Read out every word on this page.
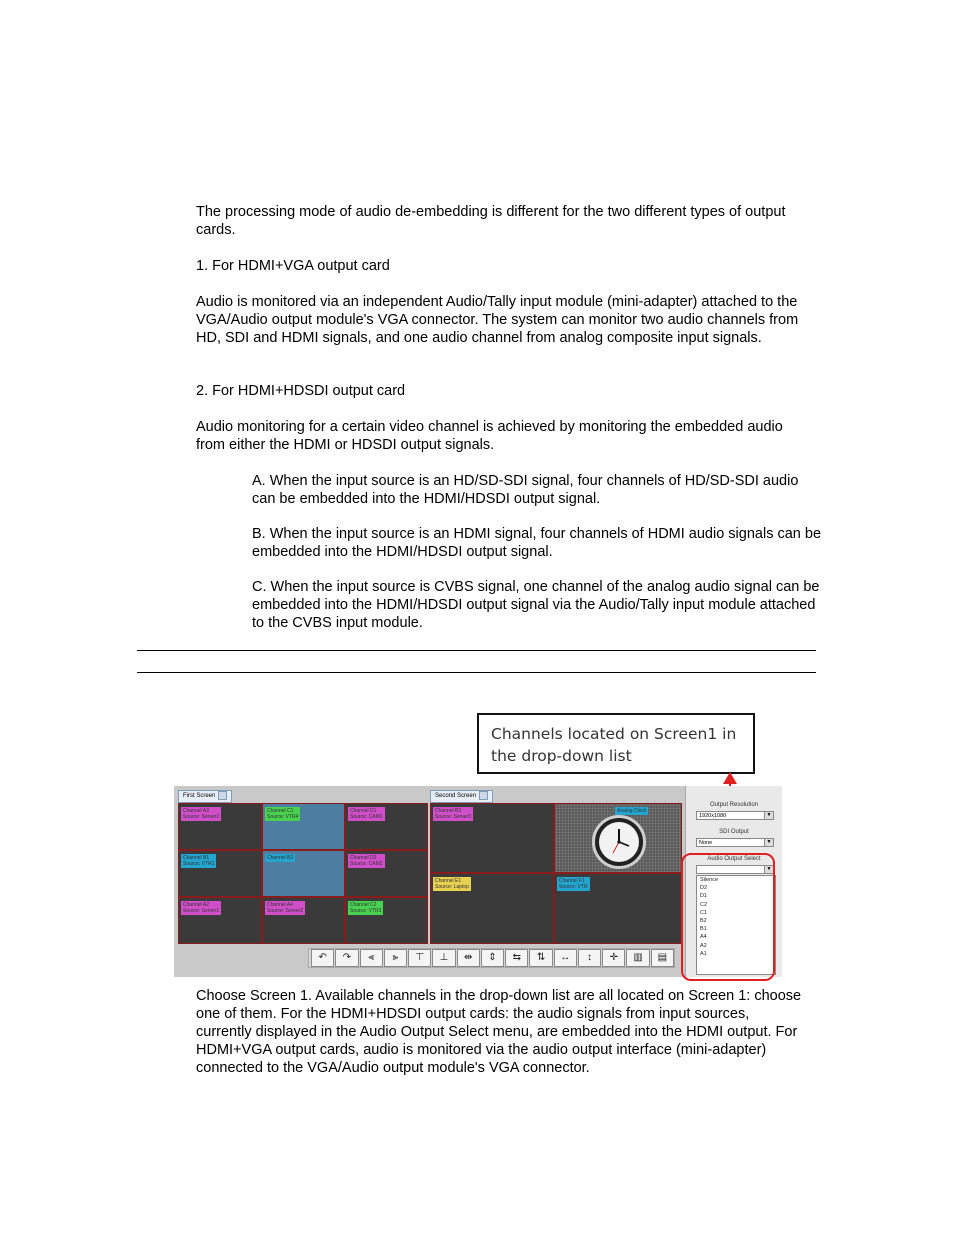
The processing mode of audio de-embedding is different for the two different types of output cards.

1. For HDMI+VGA output card

Audio is monitored via an independent Audio/Tally input module (mini-adapter) attached to the VGA/Audio output module's VGA connector. The system can monitor two audio channels from HD, SDI and HDMI signals, and one audio channel from analog composite input signals.

2. For HDMI+HDSDI output card

Audio monitoring for a certain video channel is achieved by monitoring the embedded audio from either the HDMI or HDSDI output signals.

A. When the input source is an HD/SD-SDI signal, four channels of HD/SD-SDI audio can be embedded into the HDMI/HDSDI output signal.

B. When the input source is an HDMI signal, four channels of HDMI audio signals can be embedded into the HDMI/HDSDI output signal.

C. When the input source is CVBS signal, one channel of the analog audio signal can be embedded into the HDMI/HDSDI output signal via the Audio/Tally input module attached to the CVBS input module.

Channels located on Screen1 in the drop-down list
First Screen	Second Screen
Channel A3
Source: Server2
Channel C1
Source: VTR4
Channel D1
Source: CAM1
Channel B1
Source: VTR1
Channel B2	Channel D2
Source: CAM2
Channel A2
Source: Server1
Channel A4
Source: Server2
Channel C2
Source: VTR3
Channel B3
Source: Server3
Analog Clock
Channel E1
Source: Laptop
Channel F1
Source: VTR
↶	↷	⫷	⫸	⊤	⊥	⇹	⇕	⇆	⇅	↔	↕	✛	▥	▤
Output Resolution
1920x1080	▼
SDI Output
None	▼
Audio Output Select
▼
Silence
D2
D1
C2
C1
B2
B1
A4
A2
A1

Choose Screen 1. Available channels in the drop-down list are all located on Screen 1: choose one of them. For the HDMI+HDSDI output cards: the audio signals from input sources, currently displayed in the Audio Output Select menu, are embedded into the HDMI output. For HDMI+VGA output cards, audio is monitored via the audio output interface (mini-adapter) connected to the VGA/Audio output module's VGA connector.
